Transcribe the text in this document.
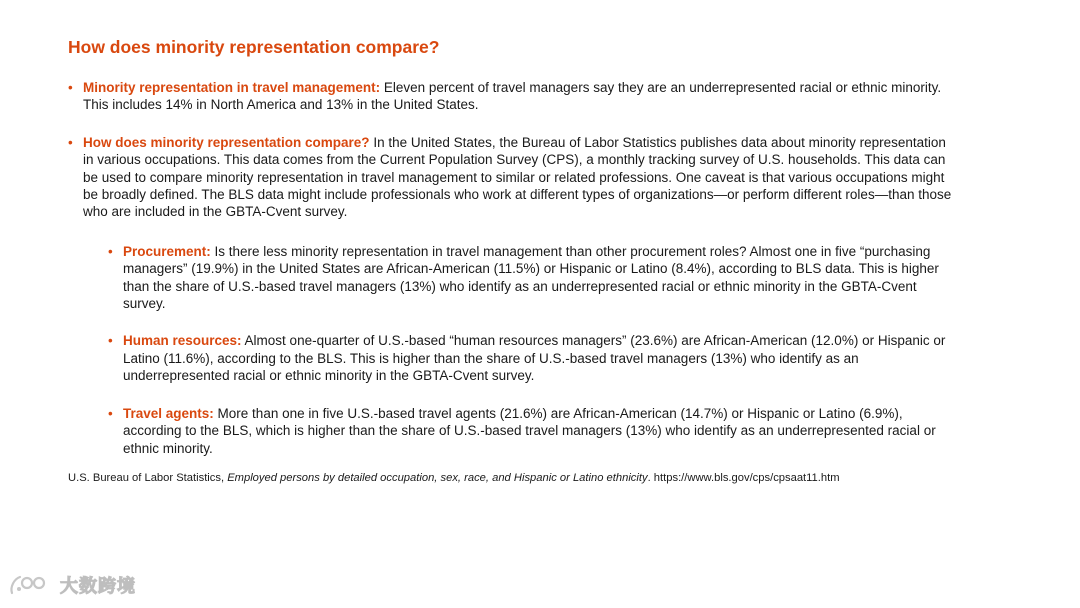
How does minority representation compare?
• Minority representation in travel management: Eleven percent of travel managers say they are an underrepresented racial or ethnic minority. This includes 14% in North America and 13% in the United States.
• How does minority representation compare? In the United States, the Bureau of Labor Statistics publishes data about minority representation in various occupations. This data comes from the Current Population Survey (CPS), a monthly tracking survey of U.S. households. This data can be used to compare minority representation in travel management to similar or related professions. One caveat is that various occupations might be broadly defined. The BLS data might include professionals who work at different types of organizations—or perform different roles—than those who are included in the GBTA-Cvent survey.
• Procurement: Is there less minority representation in travel management than other procurement roles? Almost one in five “purchasing managers” (19.9%) in the United States are African-American (11.5%) or Hispanic or Latino (8.4%), according to BLS data. This is higher than the share of U.S.-based travel managers (13%) who identify as an underrepresented racial or ethnic minority in the GBTA-Cvent survey.
• Human resources: Almost one-quarter of U.S.-based “human resources managers” (23.6%) are African-American (12.0%) or Hispanic or Latino (11.6%), according to the BLS. This is higher than the share of U.S.-based travel managers (13%) who identify as an underrepresented racial or ethnic minority in the GBTA-Cvent survey.
• Travel agents: More than one in five U.S.-based travel agents (21.6%) are African-American (14.7%) or Hispanic or Latino (6.9%), according to the BLS, which is higher than the share of U.S.-based travel managers (13%) who identify as an underrepresented racial or ethnic minority.
U.S. Bureau of Labor Statistics, Employed persons by detailed occupation, sex, race, and Hispanic or Latino ethnicity. https://www.bls.gov/cps/cpsaat11.htm
大数跨境
